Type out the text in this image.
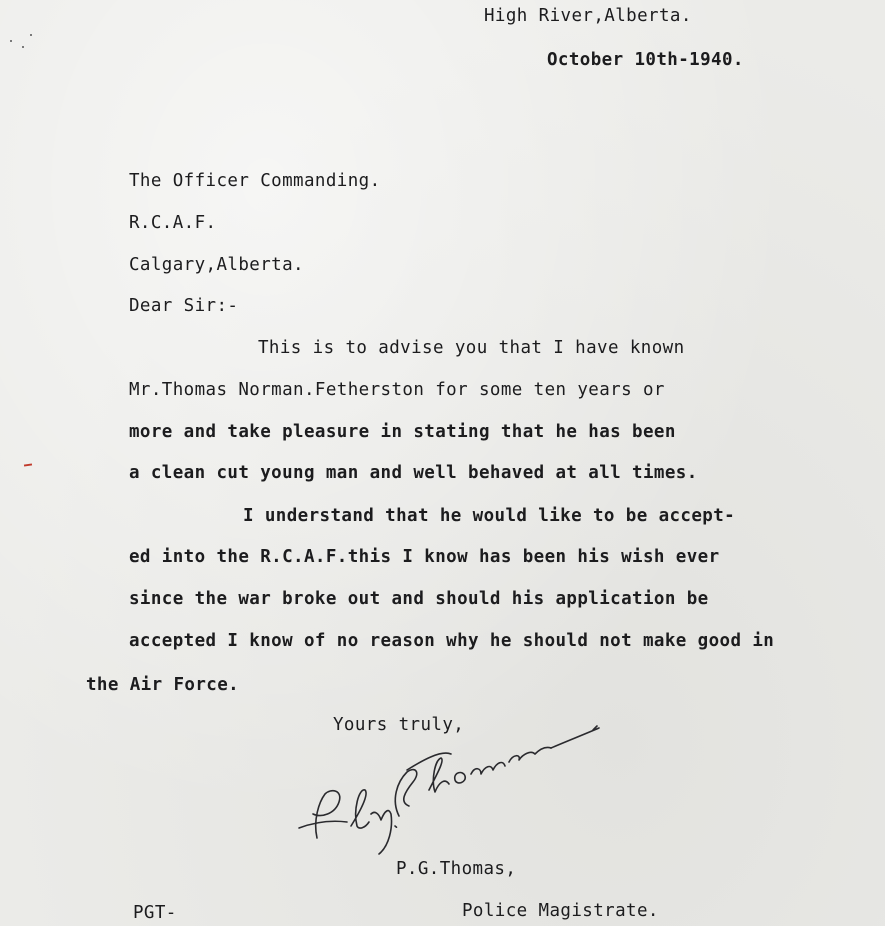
High River,Alberta.
October 10th-1940.
The Officer Commanding.
R.C.A.F.
Calgary,Alberta.
Dear Sir:-
This is to advise you that I have known
Mr.Thomas Norman.Fetherston for some ten years or
more and take pleasure in stating that he has been
a clean cut young man and well behaved at all times.
I understand that he would like to be accept-
ed into the R.C.A.F.this I know has been his wish ever
since the war broke out and should his application be
accepted I know of no reason why he should not make good in
the Air Force.
Yours truly,
P.G.Thomas,
PGT-	Police Magistrate.
